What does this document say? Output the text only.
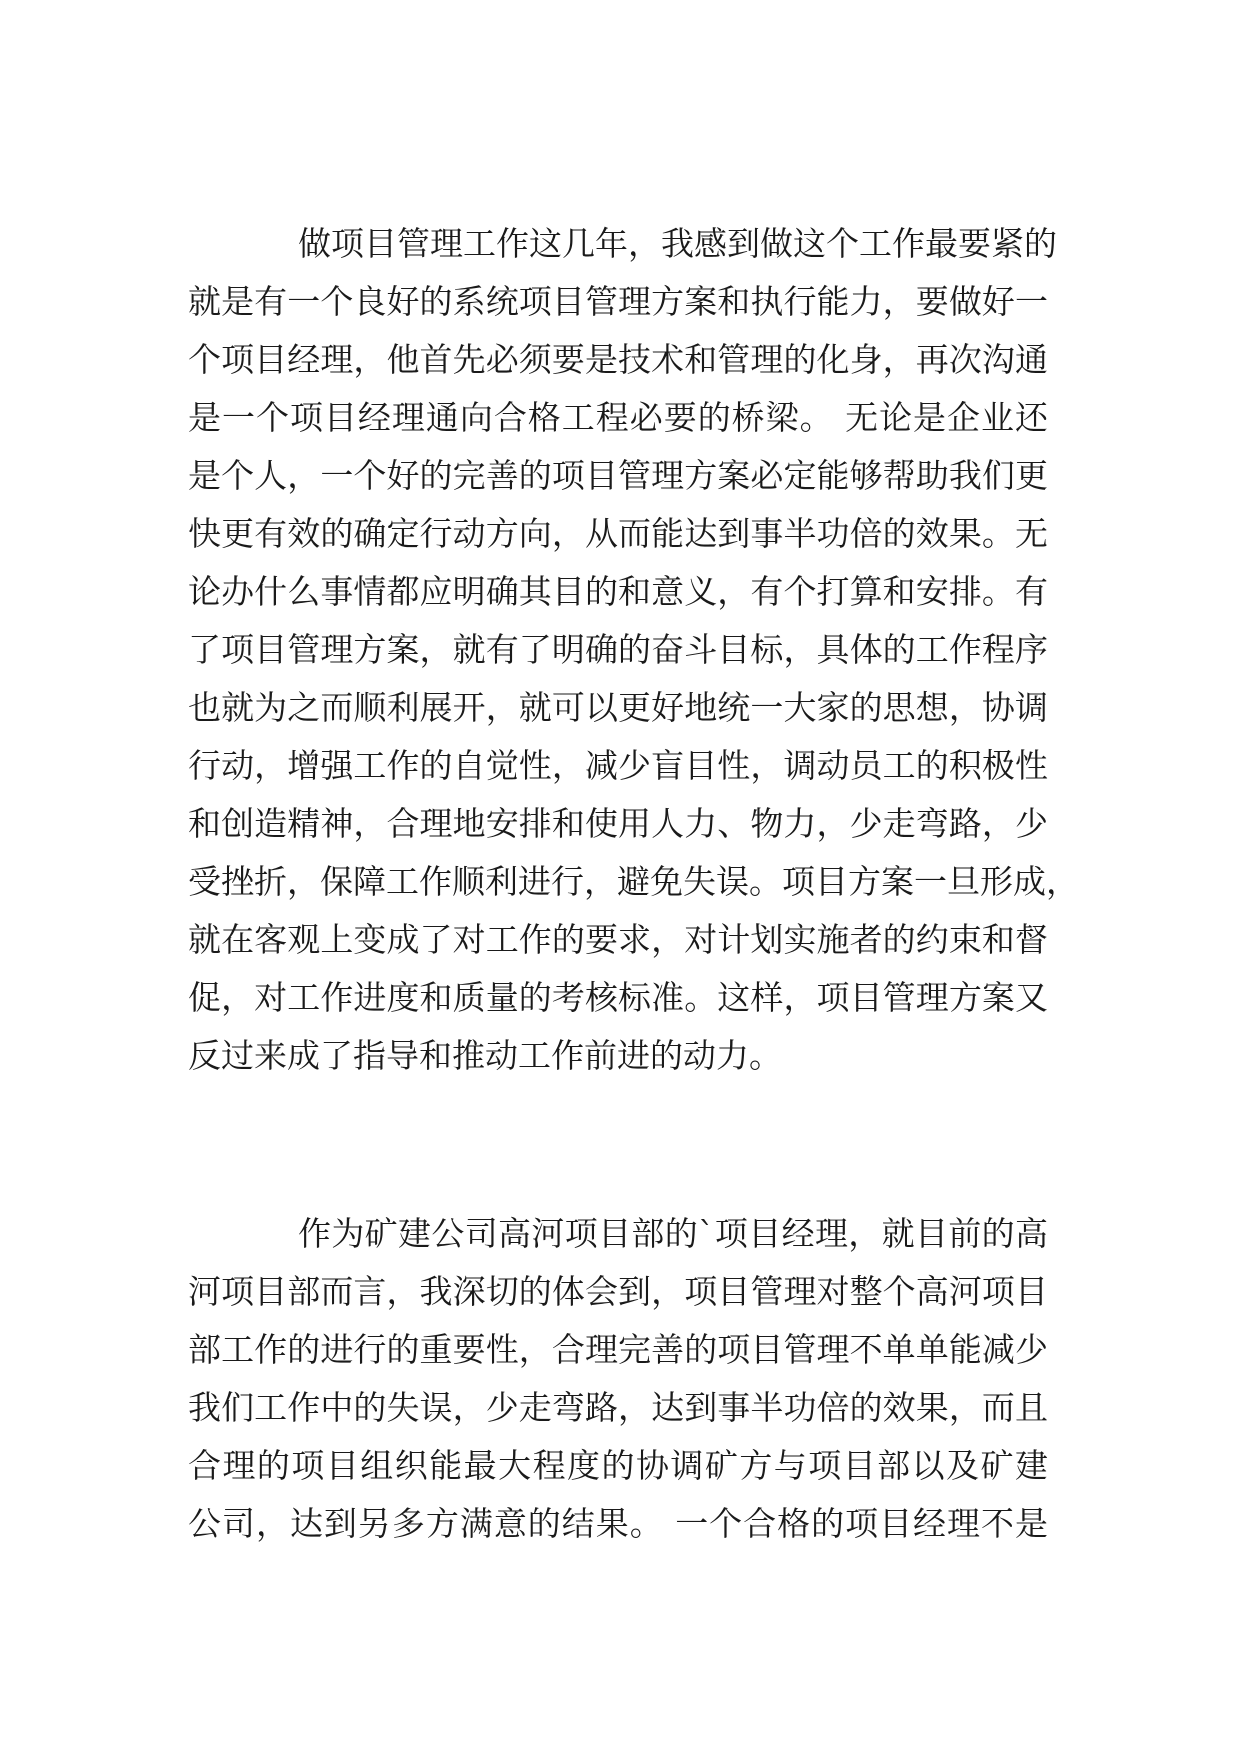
做项目管理工作这几年，我感到做这个工作最要紧的
就是有一个良好的系统项目管理方案和执行能力，要做好一
个项目经理，他首先必须要是技术和管理的化身，再次沟通
是一个项目经理通向合格工程必要的桥梁。 无论是企业还
是个人，一个好的完善的项目管理方案必定能够帮助我们更
快更有效的确定行动方向，从而能达到事半功倍的效果。无
论办什么事情都应明确其目的和意义，有个打算和安排。有
了项目管理方案，就有了明确的奋斗目标，具体的工作程序
也就为之而顺利展开，就可以更好地统一大家的思想，协调
行动，增强工作的自觉性，减少盲目性，调动员工的积极性
和创造精神，合理地安排和使用人力、物力，少走弯路，少
受挫折，保障工作顺利进行，避免失误。项目方案一旦形成，
就在客观上变成了对工作的要求，对计划实施者的约束和督
促，对工作进度和质量的考核标准。这样，项目管理方案又
反过来成了指导和推动工作前进的动力。
作为矿建公司高河项目部的`项目经理，就目前的高
河项目部而言，我深切的体会到，项目管理对整个高河项目
部工作的进行的重要性，合理完善的项目管理不单单能减少
我们工作中的失误，少走弯路，达到事半功倍的效果，而且
合理的项目组织能最大程度的协调矿方与项目部以及矿建
公司，达到另多方满意的结果。 一个合格的项目经理不是
